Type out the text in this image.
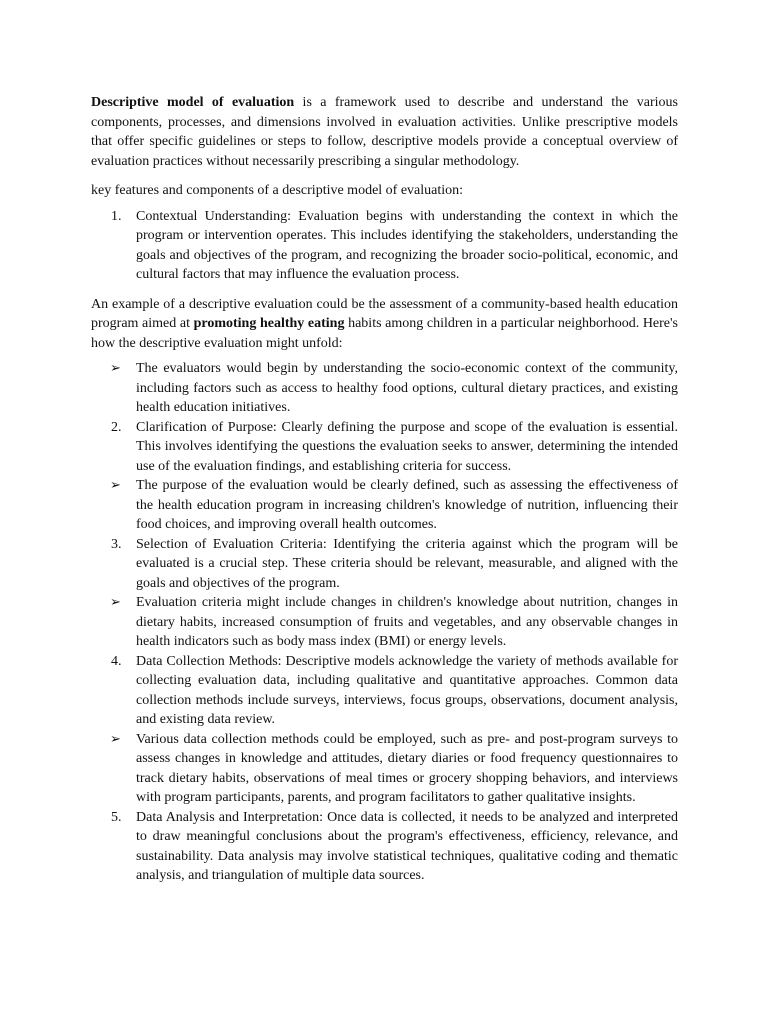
Descriptive model of evaluation is a framework used to describe and understand the various components, processes, and dimensions involved in evaluation activities. Unlike prescriptive models that offer specific guidelines or steps to follow, descriptive models provide a conceptual overview of evaluation practices without necessarily prescribing a singular methodology.

key features and components of a descriptive model of evaluation:

1.	Contextual Understanding: Evaluation begins with understanding the context in which the program or intervention operates. This includes identifying the stakeholders, understanding the goals and objectives of the program, and recognizing the broader socio-political, economic, and cultural factors that may influence the evaluation process.

An example of a descriptive evaluation could be the assessment of a community-based health education program aimed at promoting healthy eating habits among children in a particular neighborhood. Here's how the descriptive evaluation might unfold:

➢	The evaluators would begin by understanding the socio-economic context of the community, including factors such as access to healthy food options, cultural dietary practices, and existing health education initiatives.
2.	Clarification of Purpose: Clearly defining the purpose and scope of the evaluation is essential. This involves identifying the questions the evaluation seeks to answer, determining the intended use of the evaluation findings, and establishing criteria for success.
➢	The purpose of the evaluation would be clearly defined, such as assessing the effectiveness of the health education program in increasing children's knowledge of nutrition, influencing their food choices, and improving overall health outcomes.
3.	Selection of Evaluation Criteria: Identifying the criteria against which the program will be evaluated is a crucial step. These criteria should be relevant, measurable, and aligned with the goals and objectives of the program.
➢	Evaluation criteria might include changes in children's knowledge about nutrition, changes in dietary habits, increased consumption of fruits and vegetables, and any observable changes in health indicators such as body mass index (BMI) or energy levels.
4.	Data Collection Methods: Descriptive models acknowledge the variety of methods available for collecting evaluation data, including qualitative and quantitative approaches. Common data collection methods include surveys, interviews, focus groups, observations, document analysis, and existing data review.
➢	Various data collection methods could be employed, such as pre- and post-program surveys to assess changes in knowledge and attitudes, dietary diaries or food frequency questionnaires to track dietary habits, observations of meal times or grocery shopping behaviors, and interviews with program participants, parents, and program facilitators to gather qualitative insights.
5.	Data Analysis and Interpretation: Once data is collected, it needs to be analyzed and interpreted to draw meaningful conclusions about the program's effectiveness, efficiency, relevance, and sustainability. Data analysis may involve statistical techniques, qualitative coding and thematic analysis, and triangulation of multiple data sources.
